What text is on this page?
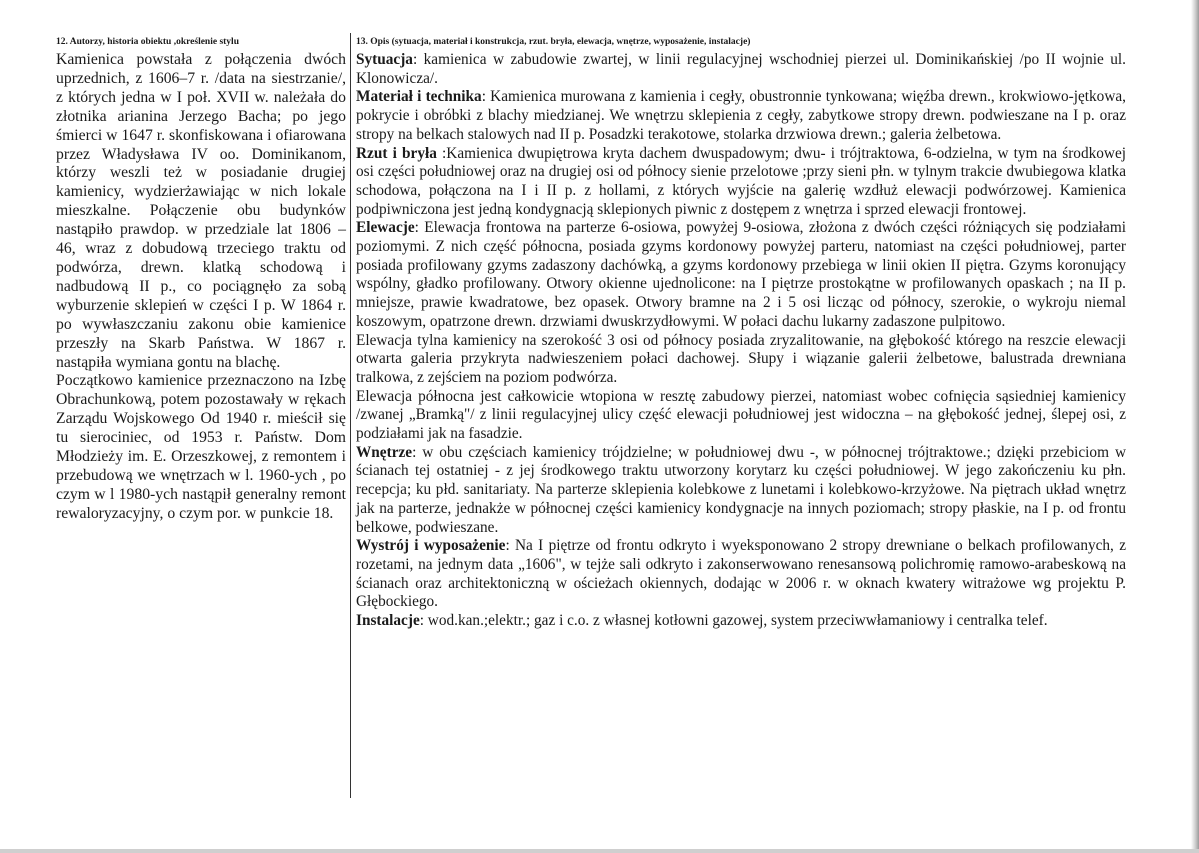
12. Autorzy, historia obiektu ,określenie stylu

Kamienica powstała z połączenia dwóch uprzednich, z 1606–7 r. /data na siestrzanie/, z których jedna w I poł. XVII w. należała do złotnika arianina Jerzego Bacha; po jego śmierci w 1647 r. skonfiskowana i ofiarowana przez Władysława IV oo. Dominikanom, którzy weszli też w posiadanie drugiej kamienicy, wydzierżawiając w nich lokale mieszkalne. Połączenie obu budynków nastąpiło prawdop. w przedziale lat 1806 – 46, wraz z dobudową trzeciego traktu od podwórza, drewn. klatką schodową i nadbudową II p., co pociągnęło za sobą wyburzenie sklepień w części I p. W 1864 r. po wywłaszczaniu zakonu obie kamienice przeszły na Skarb Państwa. W 1867 r. nastąpiła wymiana gontu na blachę.

Początkowo kamienice przeznaczono na Izbę Obrachunkową, potem pozostawały w rękach Zarządu Wojskowego Od 1940 r. mieścił się tu sierociniec, od 1953 r. Państw. Dom Młodzieży im. E. Orzeszkowej, z remontem i przebudową we wnętrzach w l. 1960-ych , po czym w l 1980-ych nastąpił generalny remont rewaloryzacyjny, o czym por. w punkcie 18.

13. Opis (sytuacja, materiał i konstrukcja, rzut. bryła, elewacja, wnętrze, wyposażenie, instalacje)

Sytuacja: kamienica w zabudowie zwartej, w linii regulacyjnej wschodniej pierzei ul. Dominikańskiej /po II wojnie ul. Klonowicza/.

Materiał i technika: Kamienica murowana z kamienia i cegły, obustronnie tynkowana; więźba drewn., krokwiowo-jętkowa, pokrycie i obróbki z blachy miedzianej. We wnętrzu sklepienia z cegły, zabytkowe stropy drewn. podwieszane na I p. oraz stropy na belkach stalowych nad II p. Posadzki terakotowe, stolarka drzwiowa drewn.; galeria żelbetowa.

Rzut i bryła :Kamienica dwupiętrowa kryta dachem dwuspadowym; dwu- i trójtraktowa, 6-odzielna, w tym na środkowej osi części południowej oraz na drugiej osi od północy sienie przelotowe ;przy sieni płn. w tylnym trakcie dwubiegowa klatka schodowa, połączona na I i II p. z hollami, z których wyjście na galerię wzdłuż elewacji podwórzowej. Kamienica podpiwniczona jest jedną kondygnacją sklepionych piwnic z dostępem z wnętrza i sprzed elewacji frontowej.

Elewacje: Elewacja frontowa na parterze 6-osiowa, powyżej 9-osiowa, złożona z dwóch części różniących się podziałami poziomymi. Z nich część północna, posiada gzyms kordonowy powyżej parteru, natomiast na części południowej, parter posiada profilowany gzyms zadaszony dachówką, a gzyms kordonowy przebiega w linii okien II piętra. Gzyms koronujący wspólny, gładko profilowany. Otwory okienne ujednolicone: na I piętrze prostokątne w profilowanych opaskach ; na II p. mniejsze, prawie kwadratowe, bez opasek. Otwory bramne na 2 i 5 osi licząc od północy, szerokie, o wykroju niemal koszowym, opatrzone drewn. drzwiami dwuskrzydłowymi. W połaci dachu lukarny zadaszone pulpitowo.

Elewacja tylna kamienicy na szerokość 3 osi od północy posiada zryzalitowanie, na głębokość którego na reszcie elewacji otwarta galeria przykryta nadwieszeniem połaci dachowej. Słupy i wiązanie galerii żelbetowe, balustrada drewniana tralkowa, z zejściem na poziom podwórza.

Elewacja północna jest całkowicie wtopiona w resztę zabudowy pierzei, natomiast wobec cofnięcia sąsiedniej kamienicy /zwanej „Bramką"/ z linii regulacyjnej ulicy część elewacji południowej jest widoczna – na głębokość jednej, ślepej osi, z podziałami jak na fasadzie.

Wnętrze: w obu częściach kamienicy trójdzielne; w południowej dwu -, w północnej trójtraktowe.; dzięki przebiciom w ścianach tej ostatniej - z jej środkowego traktu utworzony korytarz ku części południowej. W jego zakończeniu ku płn. recepcja; ku płd. sanitariaty. Na parterze sklepienia kolebkowe z lunetami i kolebkowo-krzyżowe. Na piętrach układ wnętrz jak na parterze, jednakże w północnej części kamienicy kondygnacje na innych poziomach; stropy płaskie, na I p. od frontu belkowe, podwieszane.

Wystrój i wyposażenie: Na I piętrze od frontu odkryto i wyeksponowano 2 stropy drewniane o belkach profilowanych, z rozetami, na jednym data „1606", w tejże sali odkryto i zakonserwowano renesansową polichromię ramowo-arabeskową na ścianach oraz architektoniczną w ościeżach okiennych, dodając w 2006 r. w oknach kwatery witrażowe wg projektu P. Głębockiego.

Instalacje: wod.kan.;elektr.; gaz i c.o. z własnej kotłowni gazowej, system przeciwwłamaniowy i centralka telef.
